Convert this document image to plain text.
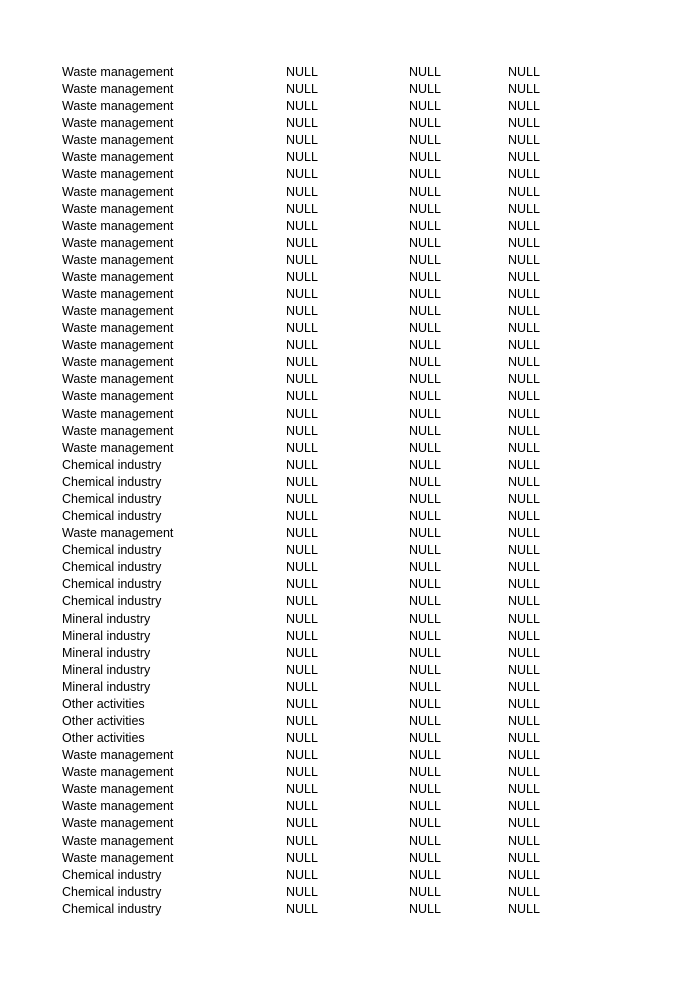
Waste management	NULL	NULL	NULL
Waste management	NULL	NULL	NULL
Waste management	NULL	NULL	NULL
Waste management	NULL	NULL	NULL
Waste management	NULL	NULL	NULL
Waste management	NULL	NULL	NULL
Waste management	NULL	NULL	NULL
Waste management	NULL	NULL	NULL
Waste management	NULL	NULL	NULL
Waste management	NULL	NULL	NULL
Waste management	NULL	NULL	NULL
Waste management	NULL	NULL	NULL
Waste management	NULL	NULL	NULL
Waste management	NULL	NULL	NULL
Waste management	NULL	NULL	NULL
Waste management	NULL	NULL	NULL
Waste management	NULL	NULL	NULL
Waste management	NULL	NULL	NULL
Waste management	NULL	NULL	NULL
Waste management	NULL	NULL	NULL
Waste management	NULL	NULL	NULL
Waste management	NULL	NULL	NULL
Waste management	NULL	NULL	NULL
Chemical industry	NULL	NULL	NULL
Chemical industry	NULL	NULL	NULL
Chemical industry	NULL	NULL	NULL
Chemical industry	NULL	NULL	NULL
Waste management	NULL	NULL	NULL
Chemical industry	NULL	NULL	NULL
Chemical industry	NULL	NULL	NULL
Chemical industry	NULL	NULL	NULL
Chemical industry	NULL	NULL	NULL
Mineral industry	NULL	NULL	NULL
Mineral industry	NULL	NULL	NULL
Mineral industry	NULL	NULL	NULL
Mineral industry	NULL	NULL	NULL
Mineral industry	NULL	NULL	NULL
Other activities	NULL	NULL	NULL
Other activities	NULL	NULL	NULL
Other activities	NULL	NULL	NULL
Waste management	NULL	NULL	NULL
Waste management	NULL	NULL	NULL
Waste management	NULL	NULL	NULL
Waste management	NULL	NULL	NULL
Waste management	NULL	NULL	NULL
Waste management	NULL	NULL	NULL
Waste management	NULL	NULL	NULL
Chemical industry	NULL	NULL	NULL
Chemical industry	NULL	NULL	NULL
Chemical industry	NULL	NULL	NULL
